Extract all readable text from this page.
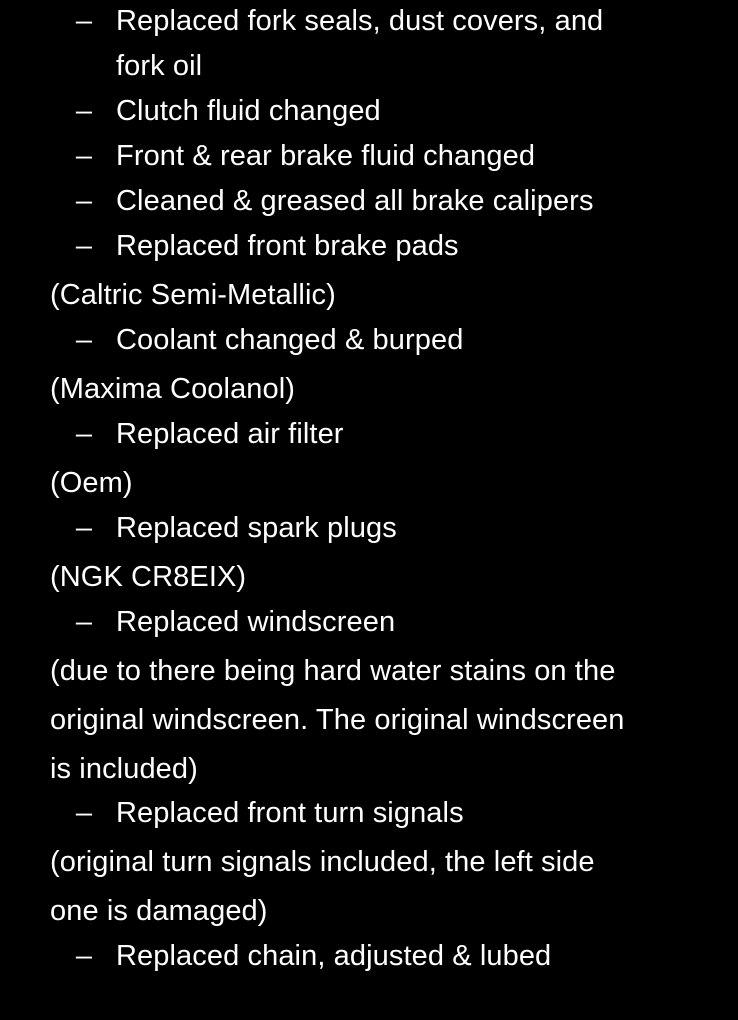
– Replaced fork seals, dust covers, and
fork oil
– Clutch fluid changed
– Front & rear brake fluid changed
– Cleaned & greased all brake calipers
– Replaced front brake pads
(Caltric Semi-Metallic)
– Coolant changed & burped
(Maxima Coolanol)
– Replaced air filter
(Oem)
– Replaced spark plugs
(NGK CR8EIX)
– Replaced windscreen
(due to there being hard water stains on the
original windscreen. The original windscreen
is included)
– Replaced front turn signals
(original turn signals included, the left side
one is damaged)
– Replaced chain, adjusted & lubed
